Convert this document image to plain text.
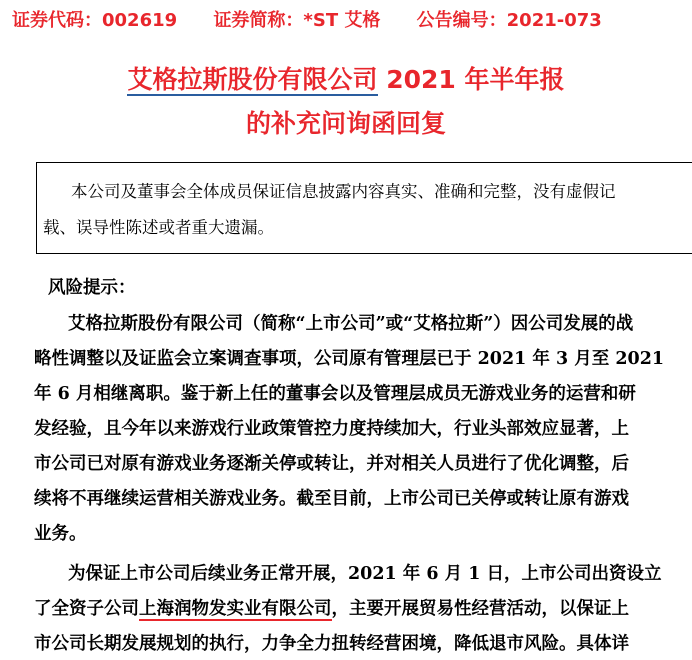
证券代码：002619 证券简称：*ST 艾格 公告编号：2021-073
艾格拉斯股份有限公司 2021 年半年报
的补充问询函回复

本公司及董事会全体成员保证信息披露内容真实、准确和完整，没有虚假记

载、误导性陈述或者重大遗漏。

风险提示：
艾格拉斯股份有限公司（简称“上市公司”或“艾格拉斯”）因公司发展的战
略性调整以及证监会立案调查事项，公司原有管理层已于 2021 年 3 月至 2021
年 6 月相继离职。鉴于新上任的董事会以及管理层成员无游戏业务的运营和研
发经验，且今年以来游戏行业政策管控力度持续加大，行业头部效应显著，上
市公司已对原有游戏业务逐渐关停或转让，并对相关人员进行了优化调整，后
续将不再继续运营相关游戏业务。截至目前，上市公司已关停或转让原有游戏
业务。
为保证上市公司后续业务正常开展，2021 年 6 月 1 日，上市公司出资设立
了全资子公司上海润物发实业有限公司，主要开展贸易性经营活动，以保证上
市公司长期发展规划的执行，力争全力扭转经营困境，降低退市风险。具体详
